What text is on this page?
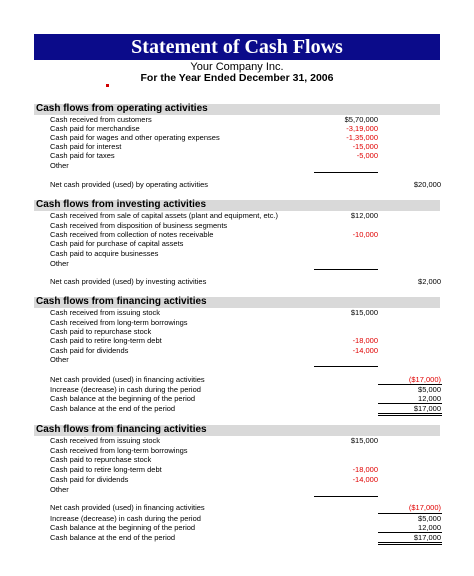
Statement of Cash Flows
Your Company Inc.
For the Year Ended December 31, 2006
Cash flows from operating activities
Cash received from customers	$5,70,000
Cash paid for merchandise	-3,19,000
Cash paid for wages and other operating expenses	-1,35,000
Cash paid for interest	-15,000
Cash paid for taxes	-5,000
Other
Net cash provided (used) by operating activities	$20,000
Cash flows from investing activities
Cash received from sale of capital assets (plant and equipment, etc.)	$12,000
Cash received from disposition of business segments
Cash received from collection of notes receivable	-10,000
Cash paid for purchase of capital assets
Cash paid to acquire businesses
Other
Net cash provided (used) by investing activities	$2,000
Cash flows from financing activities
Cash received from issuing stock	$15,000
Cash received from long-term borrowings
Cash paid to repurchase stock
Cash paid to retire long-term debt	-18,000
Cash paid for dividends	-14,000
Other
Net cash provided (used) in financing activities	($17,000)
Increase (decrease) in cash during the period	$5,000
Cash balance at the beginning of the period	12,000
Cash balance at the end of the period	$17,000
Cash flows from financing activities
Cash received from issuing stock	$15,000
Cash received from long-term borrowings
Cash paid to repurchase stock
Cash paid to retire long-term debt	-18,000
Cash paid for dividends	-14,000
Other
Net cash provided (used) in financing activities	($17,000)
Increase (decrease) in cash during the period	$5,000
Cash balance at the beginning of the period	12,000
Cash balance at the end of the period	$17,000
